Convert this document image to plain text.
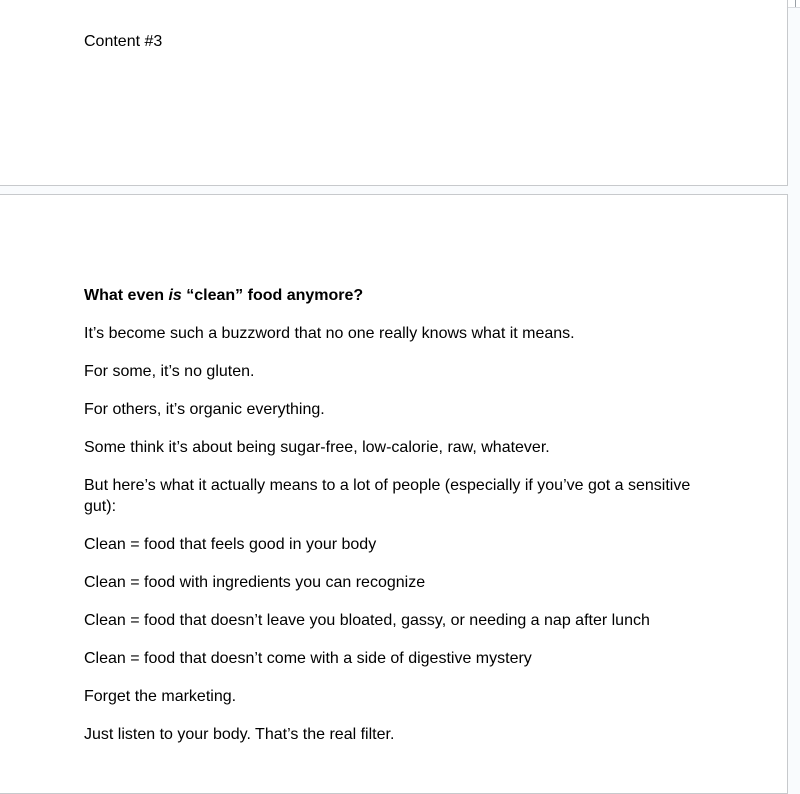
Content #3

What even is “clean” food anymore?

It’s become such a buzzword that no one really knows what it means.

For some, it’s no gluten.

For others, it’s organic everything.

Some think it’s about being sugar-free, low-calorie, raw, whatever.

But here’s what it actually means to a lot of people (especially if you’ve got a sensitive gut):

Clean = food that feels good in your body

Clean = food with ingredients you can recognize

Clean = food that doesn’t leave you bloated, gassy, or needing a nap after lunch

Clean = food that doesn’t come with a side of digestive mystery

Forget the marketing.

Just listen to your body. That’s the real filter.
